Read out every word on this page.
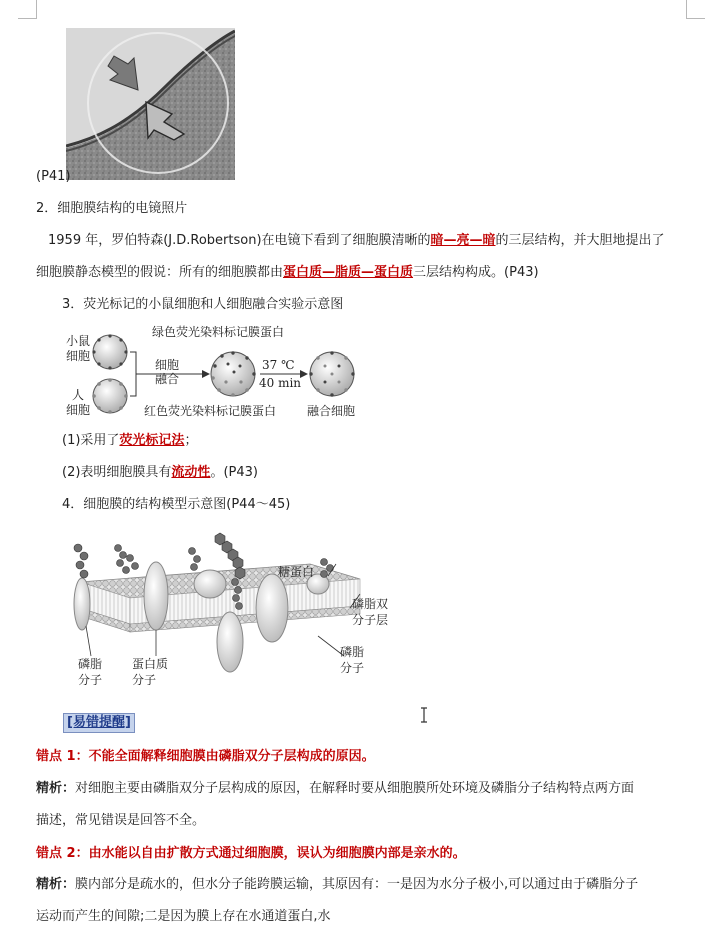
(P41)
2．细胞膜结构的电镜照片
1959 年，罗伯特森(J.D.Robertson)在电镜下看到了细胞膜清晰的暗—亮—暗的三层结构，并大胆地提出了
细胞膜静态模型的假说：所有的细胞膜都由蛋白质—脂质—蛋白质三层结构构成。(P43)
3．荧光标记的小鼠细胞和人细胞融合实验示意图
小鼠
细胞
人
细胞
绿色荧光染料标记膜蛋白
红色荧光染料标记膜蛋白
细胞
融合
37 ℃
40 min
融合细胞
(1)采用了荧光标记法；
(2)表明细胞膜具有流动性。(P43)
4．细胞膜的结构模型示意图(P44～45)
糖蛋白
磷脂双
分子层
磷脂
分子
蛋白质
分子
磷脂
分子
[易错提醒]
错点 1：不能全面解释细胞膜由磷脂双分子层构成的原因。
精析：对细胞主要由磷脂双分子层构成的原因，在解释时要从细胞膜所处环境及磷脂分子结构特点两方面
描述，常见错误是回答不全。
错点 2：由水能以自由扩散方式通过细胞膜，误认为细胞膜内部是亲水的。
精析：膜内部分是疏水的，但水分子能跨膜运输，其原因有：一是因为水分子极小,可以通过由于磷脂分子
运动而产生的间隙;二是因为膜上存在水通道蛋白,水
